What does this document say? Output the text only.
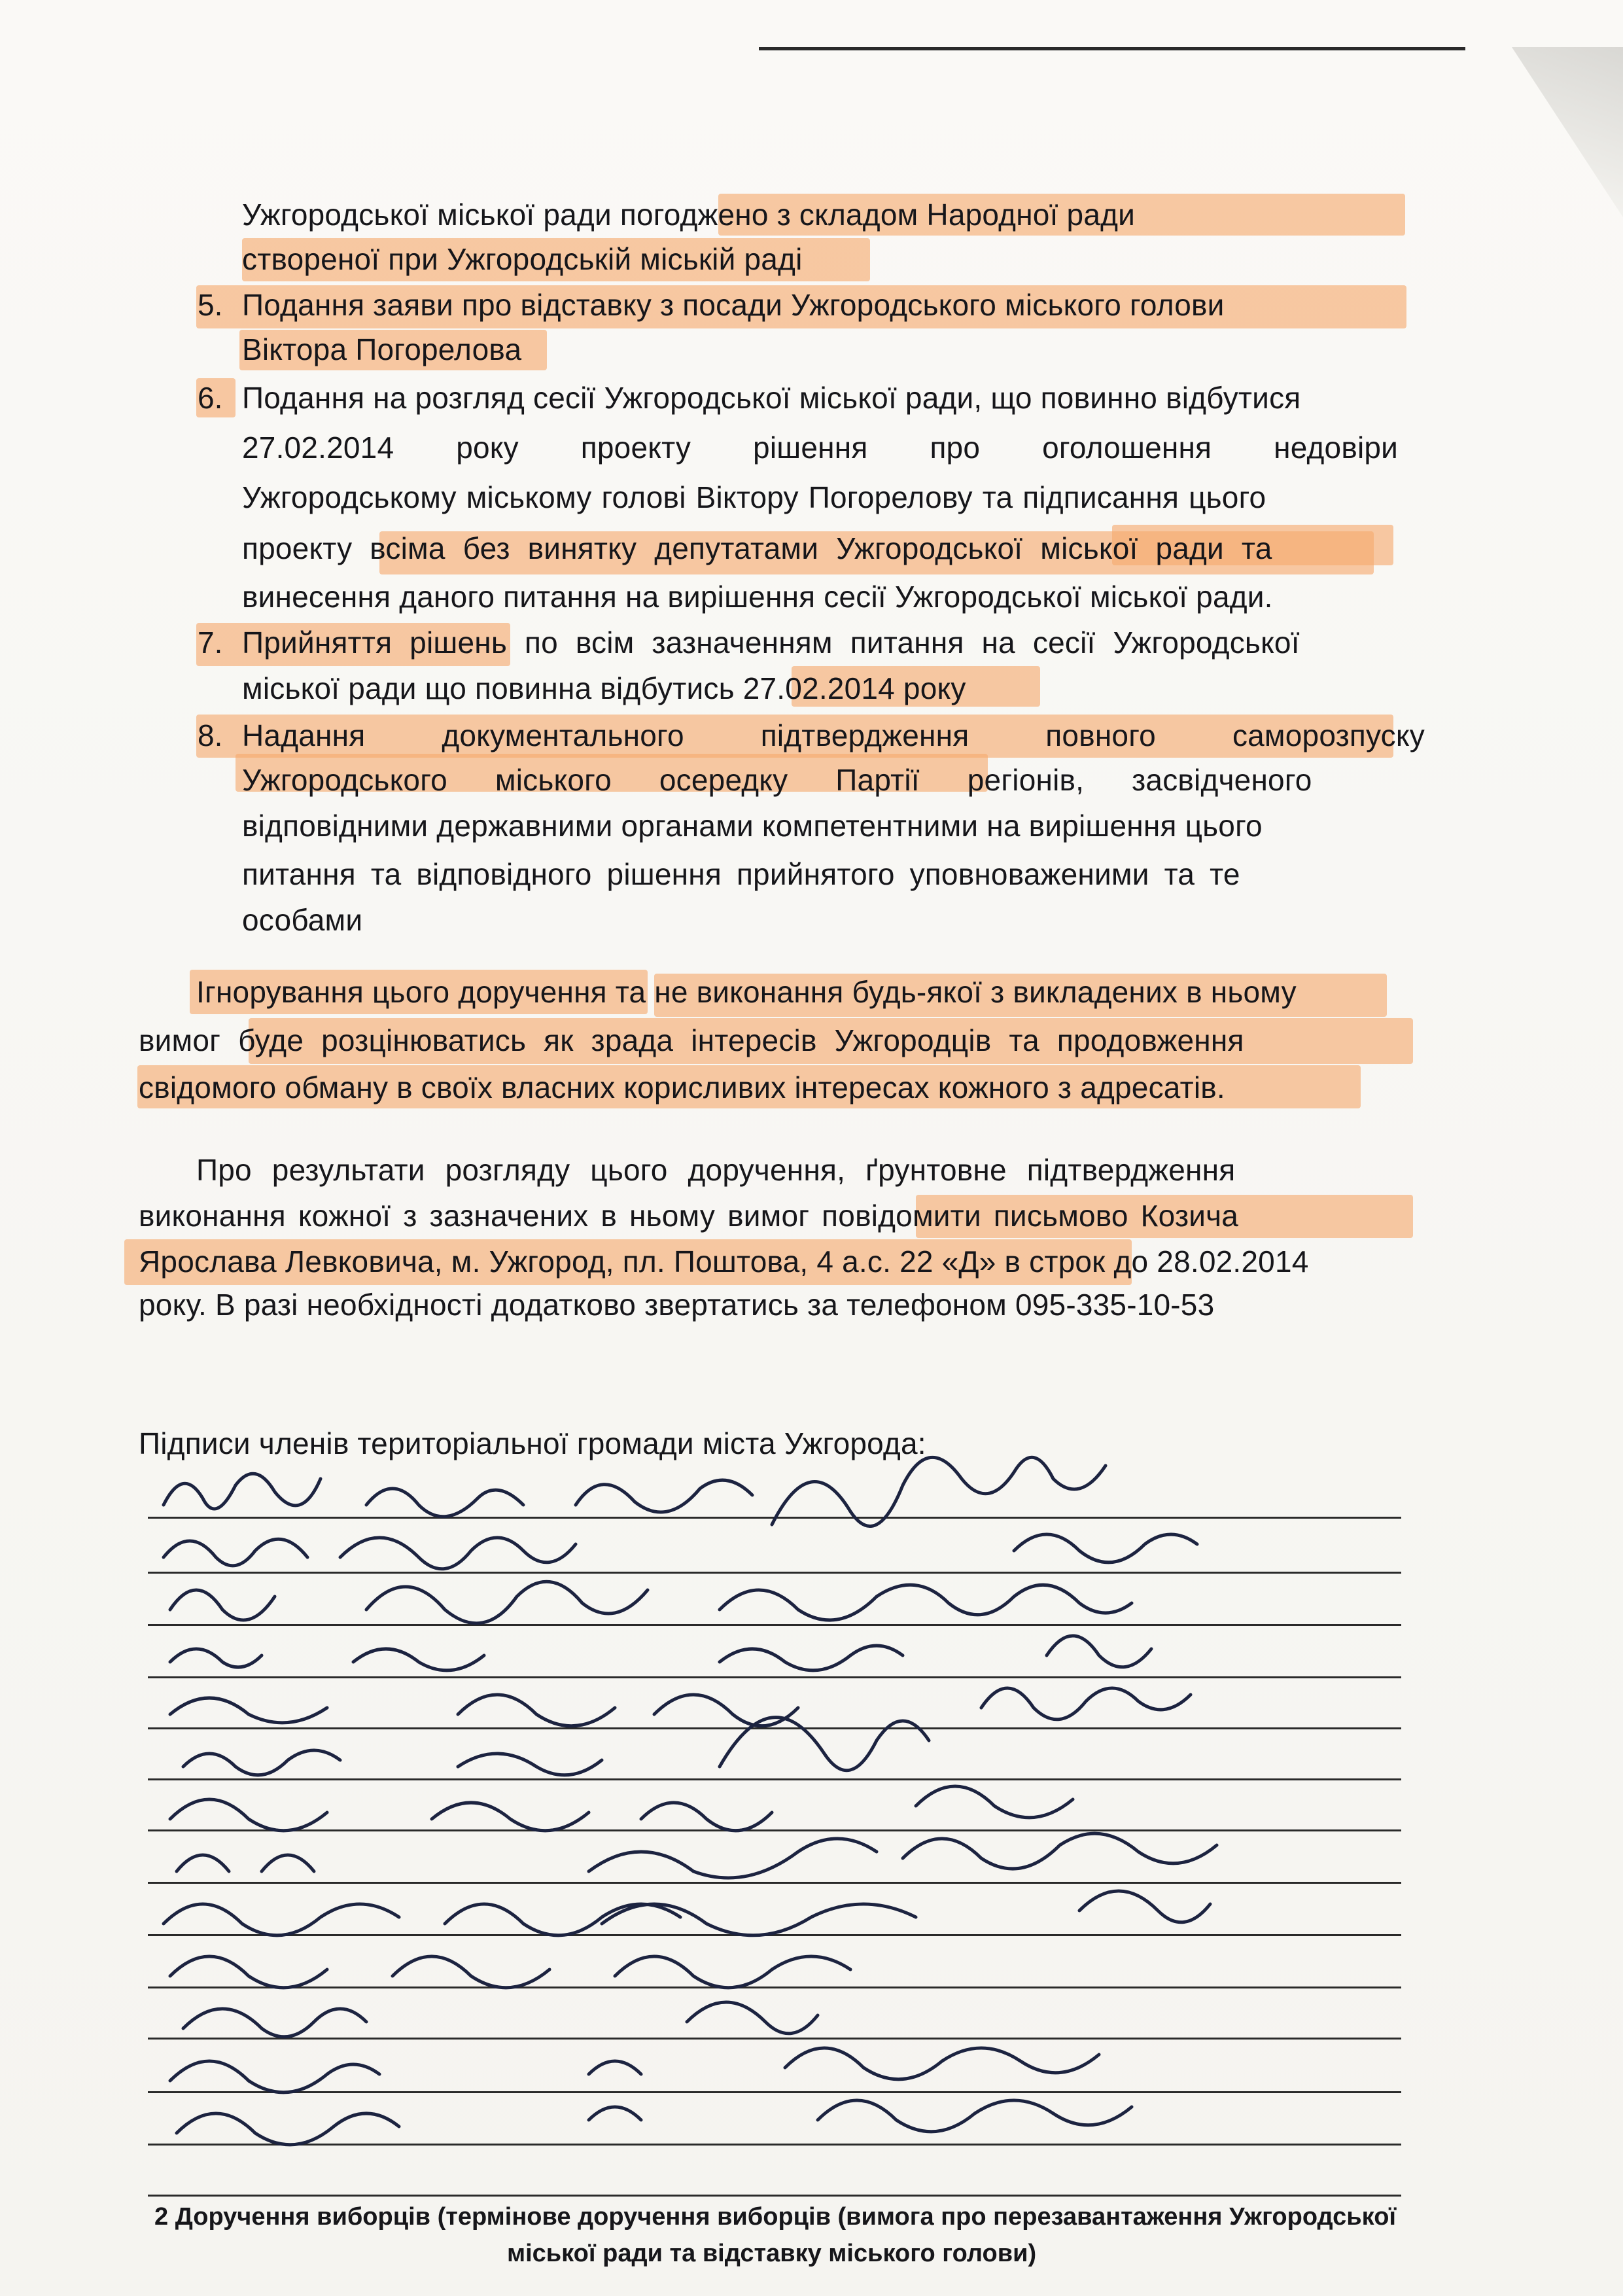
Ужгородської міської ради погоджено з складом Народної ради
створеної при Ужгородській міській раді
5. Подання заяви про відставку з посади Ужгородського міського голови
Віктора Погорелова
6. Подання на розгляд сесії Ужгородської міської ради, що повинно відбутися
27.02.2014 року проекту рішення про оголошення недовіри
Ужгородському міському голові Віктору Погорелову та підписання цього
проекту всіма без винятку депутатами Ужгородської міської ради та
винесення даного питання на вирішення сесії Ужгородської міської ради.
7. Прийняття рішень по всім зазначенням питання на сесії Ужгородської
міської ради що повинна відбутись 27.02.2014 року
8. Надання документального підтвердження повного саморозпуску
Ужгородського міського осередку Партії регіонів, засвідченого
відповідними державними органами компетентними на вирішення цього
питання та відповідного рішення прийнятого уповноваженими та те
особами
Ігнорування цього доручення та не виконання будь-якої з викладених в ньому
вимог буде розцінюватись як зрада інтересів Ужгородців та продовження
свідомого обману в своїх власних корисливих інтересах кожного з адресатів.
Про результати розгляду цього доручення, ґрунтовне підтвердження
виконання кожної з зазначених в ньому вимог повідомити письмово Козича
Ярослава Левковича, м. Ужгород, пл. Поштова, 4 а.с. 22 «Д» в строк до 28.02.2014
року. В разі необхідності додатково звертатись за телефоном 095-335-10-53
Підписи членів територіальної громади міста Ужгорода:
2 Доручення виборців (термінове доручення виборців (вимога про перезавантаження Ужгородської
міської ради та відставку міського голови)
